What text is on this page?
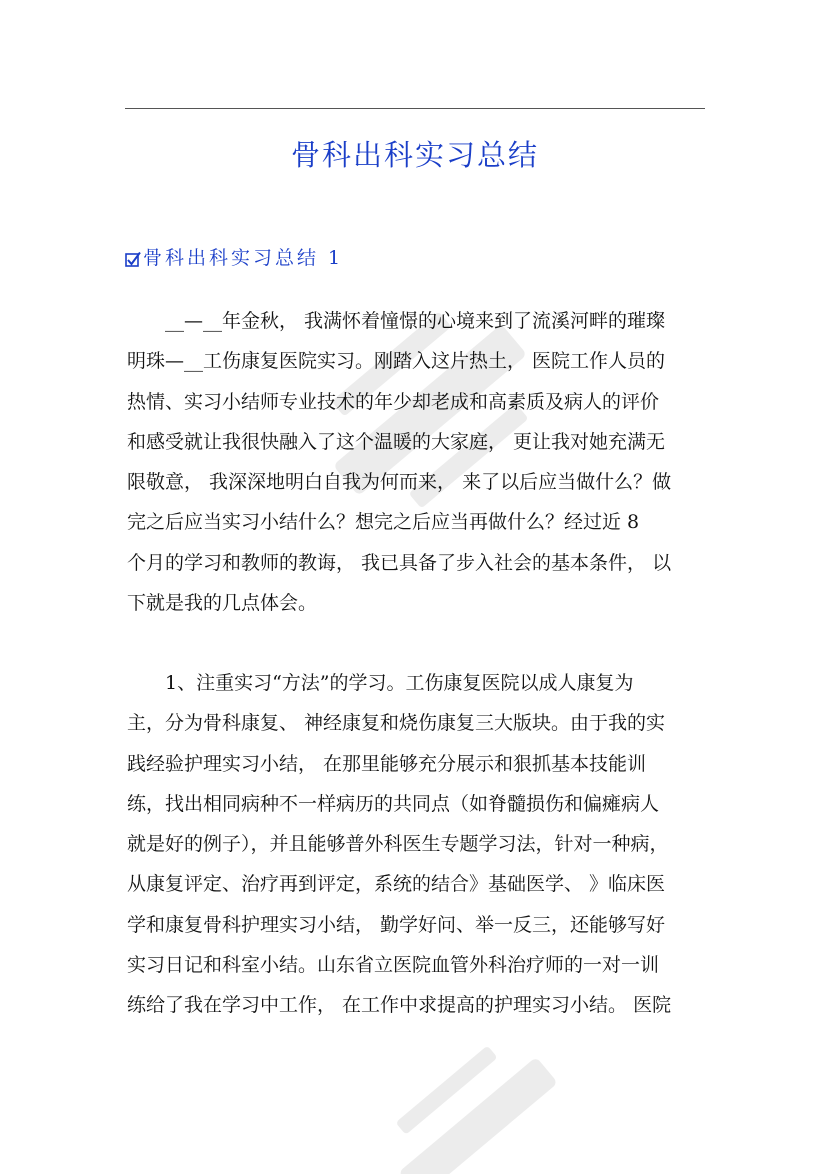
骨科出科实习总结
骨科出科实习总结 1

　　__—__年金秋， 我满怀着憧憬的心境来到了流溪河畔的璀璨
明珠—__工伤康复医院实习。刚踏入这片热土， 医院工作人员的
热情、实习小结师专业技术的年少却老成和高素质及病人的评价
和感受就让我很快融入了这个温暖的大家庭， 更让我对她充满无
限敬意， 我深深地明白自我为何而来， 来了以后应当做什么？做
完之后应当实习小结什么？想完之后应当再做什么？经过近 8
个月的学习和教师的教诲， 我已具备了步入社会的基本条件， 以
下就是我的几点体会。

　　1、注重实习“方法”的学习。工伤康复医院以成人康复为
主，分为骨科康复、 神经康复和烧伤康复三大版块。由于我的实
践经验护理实习小结， 在那里能够充分展示和狠抓基本技能训
练，找出相同病种不一样病历的共同点（如脊髓损伤和偏瘫病人
就是好的例子），并且能够普外科医生专题学习法，针对一种病，
从康复评定、治疗再到评定，系统的结合》基础医学、 》临床医
学和康复骨科护理实习小结， 勤学好问、举一反三，还能够写好
实习日记和科室小结。山东省立医院血管外科治疗师的一对一训
练给了我在学习中工作， 在工作中求提高的护理实习小结。 医院
